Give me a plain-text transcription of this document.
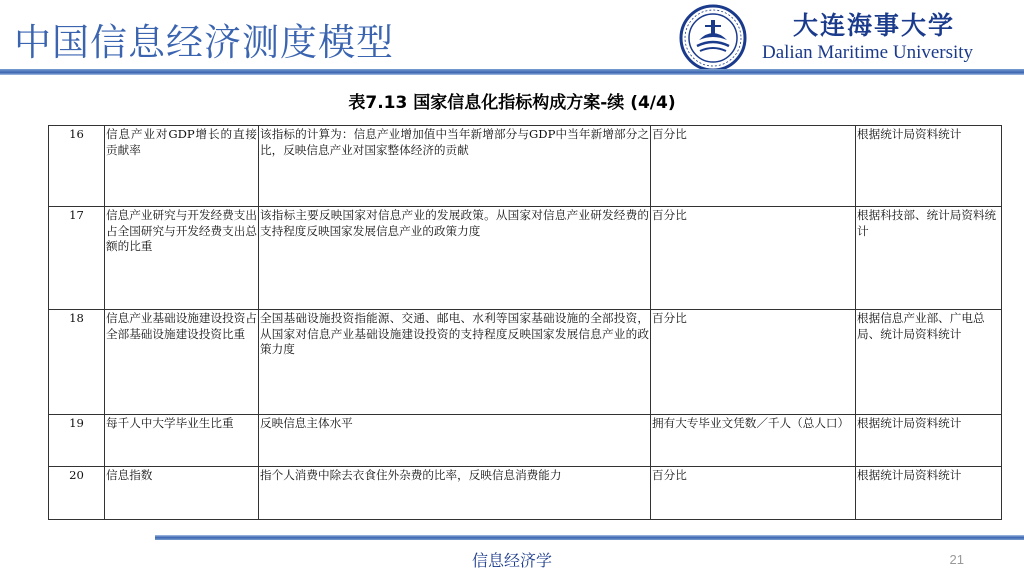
中国信息经济测度模型	大连海事大学
Dalian Maritime University
表7.13 国家信息化指标构成方案-续 (4/4)
16	信息产业对GDP增长的直接贡献率	该指标的计算为：信息产业增加值中当年新增部分与GDP中当年新增部分之比，反映信息产业对国家整体经济的贡献	百分比	根据统计局资料统计
17	信息产业研究与开发经费支出占全国研究与开发经费支出总额的比重	该指标主要反映国家对信息产业的发展政策。从国家对信息产业研发经费的支持程度反映国家发展信息产业的政策力度	百分比	根据科技部、统计局资料统计
18	信息产业基础设施建设投资占全部基础设施建设投资比重	全国基础设施投资指能源、交通、邮电、水利等国家基础设施的全部投资，从国家对信息产业基础设施建设投资的支持程度反映国家发展信息产业的政策力度	百分比	根据信息产业部、广电总局、统计局资料统计
19	每千人中大学毕业生比重	反映信息主体水平	拥有大专毕业文凭数／千人（总人口）	根据统计局资料统计
20	信息指数	指个人消费中除去衣食住外杂费的比率，反映信息消费能力	百分比	根据统计局资料统计
信息经济学	21
